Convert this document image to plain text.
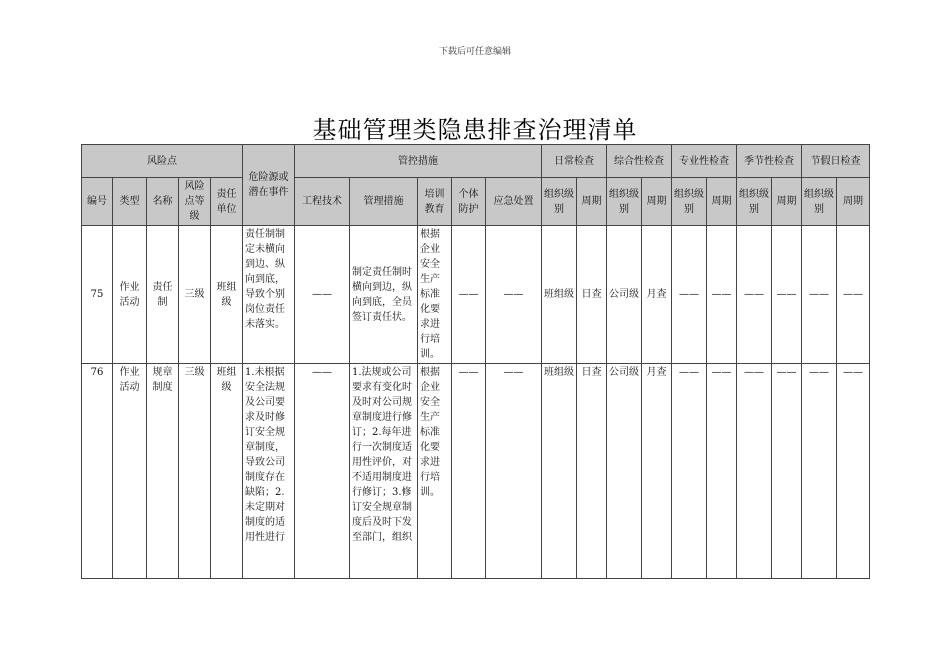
下载后可任意编辑
基础管理类隐患排查治理清单
风险点					危险源或潜在事件	管控措施					日常检查		综合性检查		专业性检查		季节性检查		节假日检查	
编号	类型	名称	风险点等级	责任单位		工程技术	管理措施	培训教育	个体防护	应急处置	组织级别	周期	组织级别	周期	组织级别	周期	组织级别	周期	组织级别	周期
75	作业活动	责任制	三级	班组级	责任制制定未横向到边、纵向到底，导致个别岗位责任未落实。	——	制定责任制时横向到边，纵向到底，全员签订责任状。	根据企业安全生产标准化要求进行培训。	——	——	班组级	日查	公司级	月查	——	——	——	——	——	——
76	作业活动	规章制度	三级	班组级	1.未根据安全法规及公司要求及时修订安全规章制度，导致公司制度存在缺陷；2.未定期对制度的适用性进行	——	1.法规或公司要求有变化时及时对公司规章制度进行修订；2.每年进行一次制度适用性评价，对不适用制度进行修订；3.修订安全规章制度后及时下发至部门，组织	根据企业安全生产标准化要求进行培训。	——	——	班组级	日查	公司级	月查	——	——	——	——	——	——
